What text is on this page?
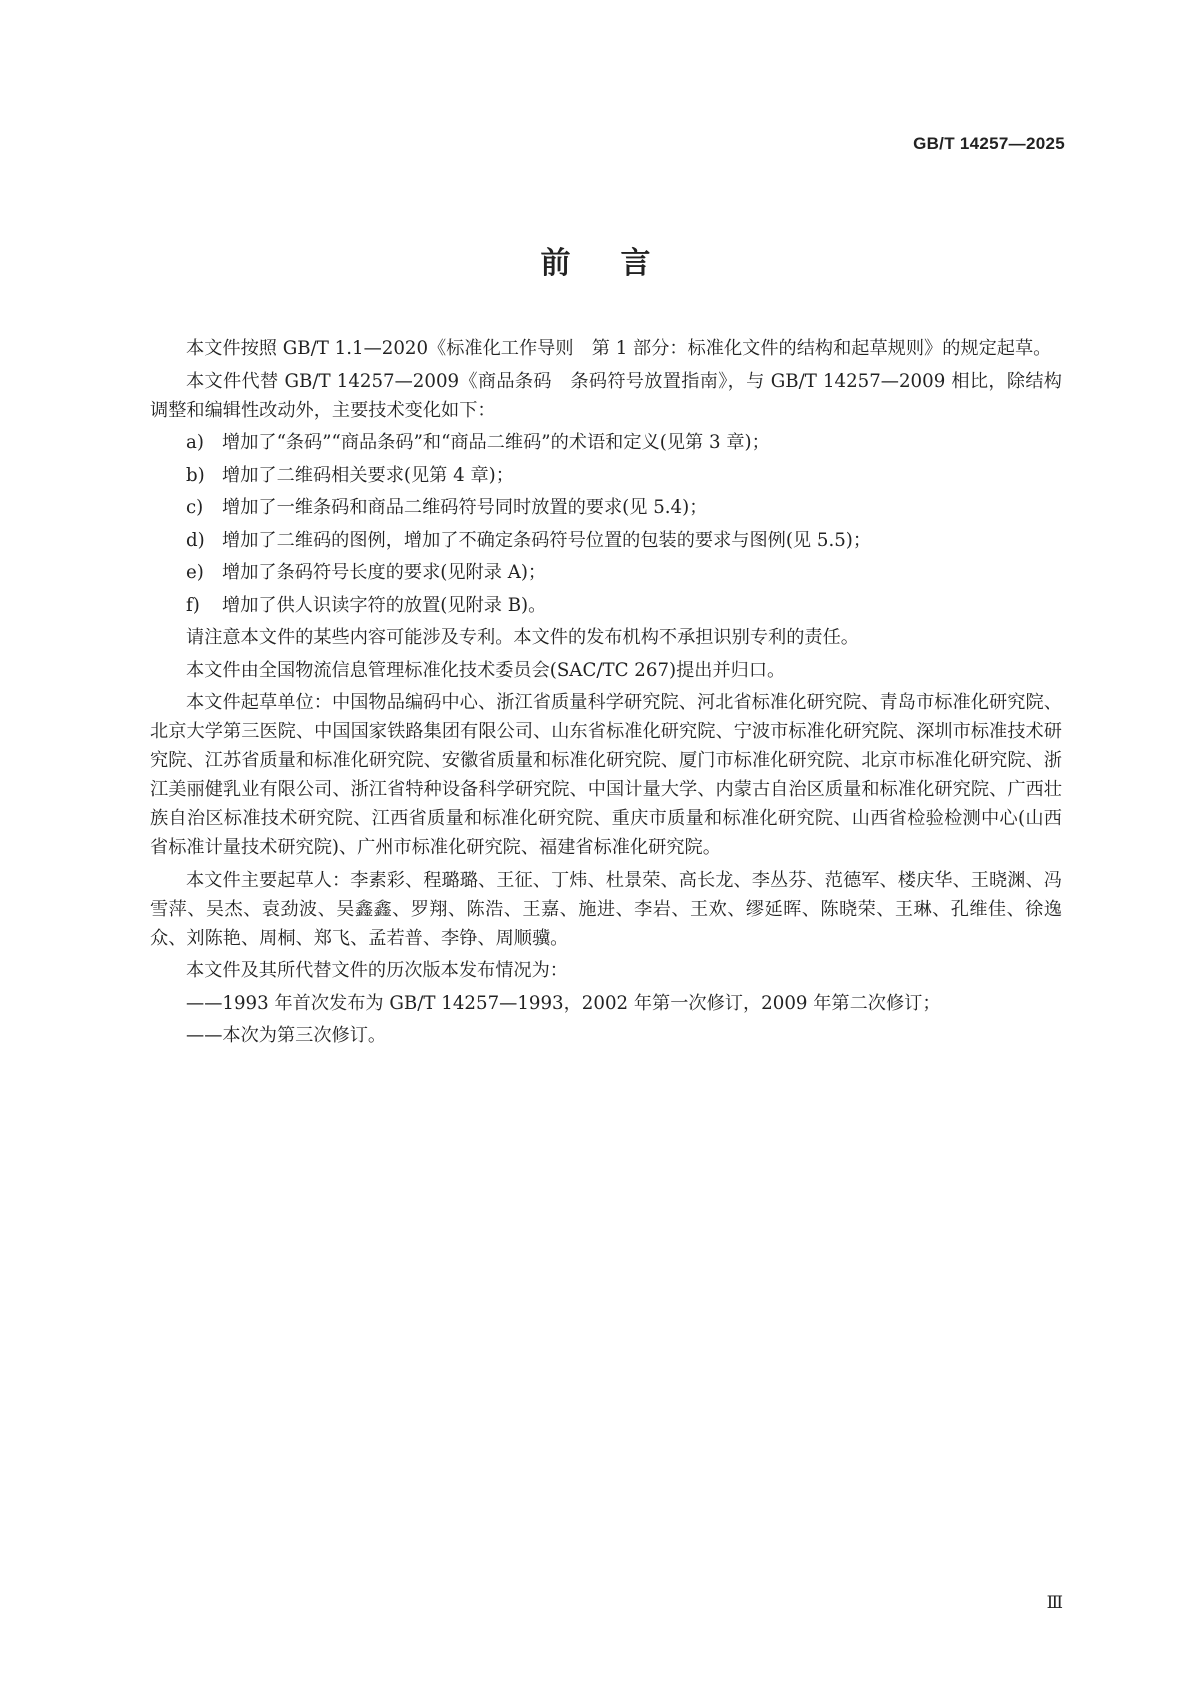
GB/T 14257—2025
前言

本文件按照 GB/T 1.1—2020《标准化工作导则　第 1 部分：标准化文件的结构和起草规则》的规定起草。

本文件代替 GB/T 14257—2009《商品条码　条码符号放置指南》，与 GB/T 14257—2009 相比，除结构调整和编辑性改动外，主要技术变化如下：

a) 增加了“条码”“商品条码”和“商品二维码”的术语和定义(见第 3 章)；

b) 增加了二维码相关要求(见第 4 章)；

c) 增加了一维条码和商品二维码符号同时放置的要求(见 5.4)；

d) 增加了二维码的图例，增加了不确定条码符号位置的包装的要求与图例(见 5.5)；

e) 增加了条码符号长度的要求(见附录 A)；

f) 增加了供人识读字符的放置(见附录 B)。

请注意本文件的某些内容可能涉及专利。本文件的发布机构不承担识别专利的责任。

本文件由全国物流信息管理标准化技术委员会(SAC/TC 267)提出并归口。

本文件起草单位：中国物品编码中心、浙江省质量科学研究院、河北省标准化研究院、青岛市标准化研究院、北京大学第三医院、中国国家铁路集团有限公司、山东省标准化研究院、宁波市标准化研究院、深圳市标准技术研究院、江苏省质量和标准化研究院、安徽省质量和标准化研究院、厦门市标准化研究院、北京市标准化研究院、浙江美丽健乳业有限公司、浙江省特种设备科学研究院、中国计量大学、内蒙古自治区质量和标准化研究院、广西壮族自治区标准技术研究院、江西省质量和标准化研究院、重庆市质量和标准化研究院、山西省检验检测中心(山西省标准计量技术研究院)、广州市标准化研究院、福建省标准化研究院。

本文件主要起草人：李素彩、程璐璐、王征、丁炜、杜景荣、高长龙、李丛芬、范德军、楼庆华、王晓渊、冯雪萍、吴杰、袁劲波、吴鑫鑫、罗翔、陈浩、王嘉、施进、李岩、王欢、缪延晖、陈晓荣、王琳、孔维佳、徐逸众、刘陈艳、周桐、郑飞、孟若普、李铮、周顺骥。

本文件及其所代替文件的历次版本发布情况为：

——1993 年首次发布为 GB/T 14257—1993，2002 年第一次修订，2009 年第二次修订；

——本次为第三次修订。

Ⅲ
